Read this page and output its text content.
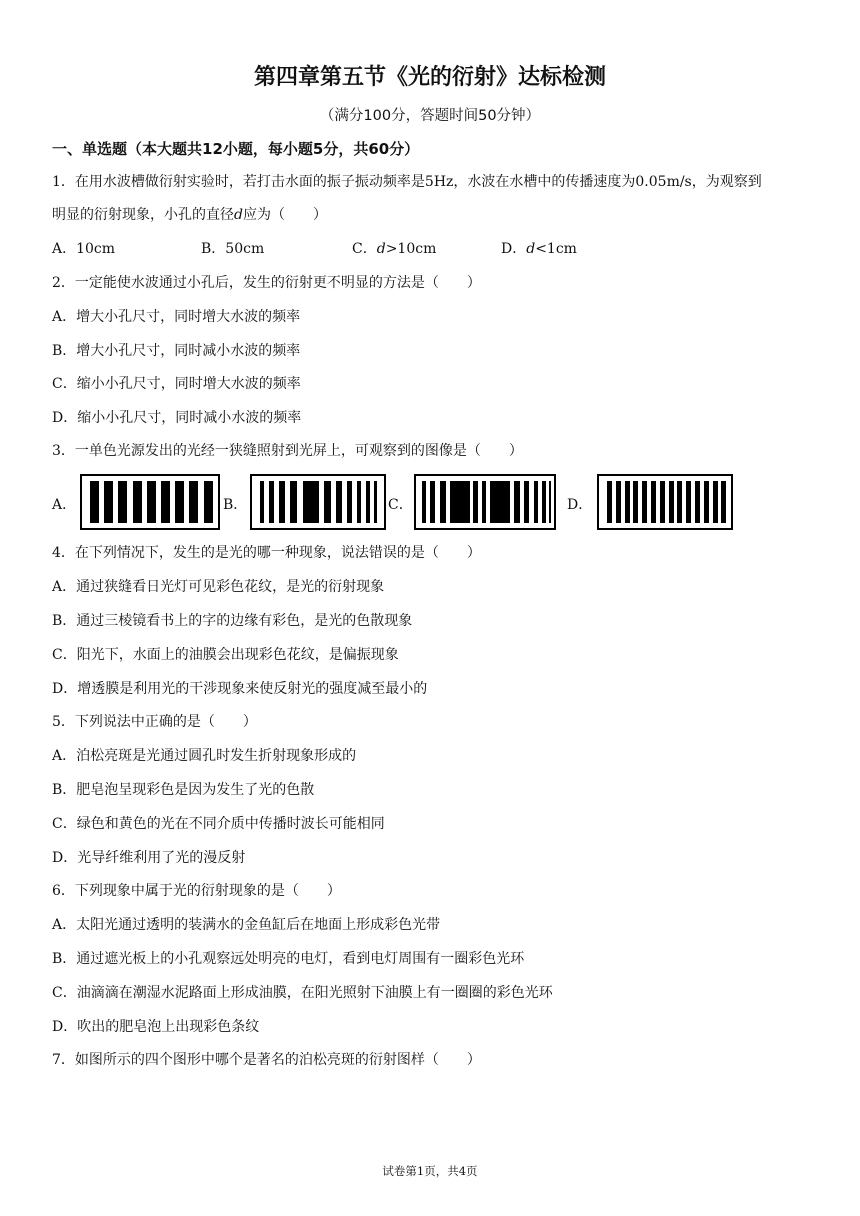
第四章第五节《光的衍射》达标检测
（满分100分，答题时间50分钟）
一、单选题（本大题共12小题，每小题5分，共60分）
1．在用水波槽做衍射实验时，若打击水面的振子振动频率是5Hz，水波在水槽中的传播速度为0.05m/s，为观察到
明显的衍射现象，小孔的直径d应为（　　）
A．10cm	B．50cm	C．d>10cm	D．d<1cm
2．一定能使水波通过小孔后，发生的衍射更不明显的方法是（　　）
A．增大小孔尺寸，同时增大水波的频率
B．增大小孔尺寸，同时减小水波的频率
C．缩小小孔尺寸，同时增大水波的频率
D．缩小小孔尺寸，同时减小水波的频率
3．一单色光源发出的光经一狭缝照射到光屏上，可观察到的图像是（　　）
A．	B．	C．	D．
4．在下列情况下，发生的是光的哪一种现象，说法错误的是（　　）
A．通过狭缝看日光灯可见彩色花纹，是光的衍射现象
B．通过三棱镜看书上的字的边缘有彩色，是光的色散现象
C．阳光下，水面上的油膜会出现彩色花纹，是偏振现象
D．增透膜是利用光的干涉现象来使反射光的强度减至最小的
5．下列说法中正确的是（　　）
A．泊松亮斑是光通过圆孔时发生折射现象形成的
B．肥皂泡呈现彩色是因为发生了光的色散
C．绿色和黄色的光在不同介质中传播时波长可能相同
D．光导纤维利用了光的漫反射
6．下列现象中属于光的衍射现象的是（　　）
A．太阳光通过透明的装满水的金鱼缸后在地面上形成彩色光带
B．通过遮光板上的小孔观察远处明亮的电灯，看到电灯周围有一圈彩色光环
C．油滴滴在潮湿水泥路面上形成油膜，在阳光照射下油膜上有一圈圈的彩色光环
D．吹出的肥皂泡上出现彩色条纹
7．如图所示的四个图形中哪个是著名的泊松亮斑的衍射图样（　　）
试卷第1页，共4页
